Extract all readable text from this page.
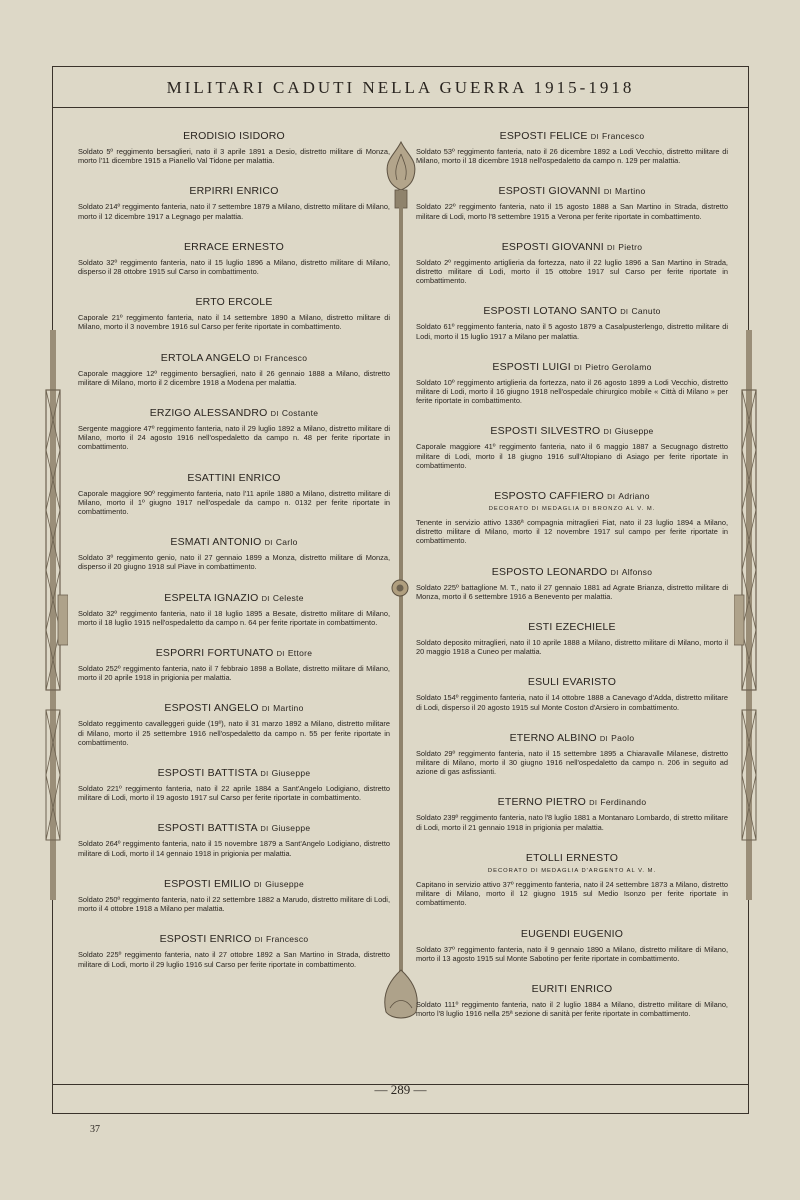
MILITARI CADUTI NELLA GUERRA 1915-1918
ERODISIO ISIDORO
Soldato 5º reggimento bersaglieri, nato il 3 aprile 1891 a Desio, distretto militare di Monza, morto l'11 dicembre 1915 a Pianello Val Tidone per malattia.
ERPIRRI ENRICO
Soldato 214º reggimento fanteria, nato il 7 settembre 1879 a Milano, distretto militare di Milano, morto il 12 dicembre 1917 a Legnago per malattia.
ERRACE ERNESTO
Soldato 32º reggimento fanteria, nato il 15 luglio 1896 a Milano, distretto militare di Milano, disperso il 28 ottobre 1915 sul Carso in combattimento.
ERTO ERCOLE
Caporale 21º reggimento fanteria, nato il 14 settembre 1890 a Milano, distretto militare di Milano, morto il 3 novembre 1916 sul Carso per ferite riportate in combattimento.
ERTOLA ANGELO DI Francesco
Caporale maggiore 12º reggimento bersaglieri, nato il 26 gennaio 1888 a Milano, distretto militare di Milano, morto il 2 dicembre 1918 a Modena per malattia.
ERZIGO ALESSANDRO DI Costante
Sergente maggiore 47º reggimento fanteria, nato il 29 luglio 1892 a Milano, distretto militare di Milano, morto il 24 agosto 1916 nell'ospedaletto da campo n. 48 per ferite riportate in combattimento.
ESATTINI ENRICO
Caporale maggiore 90º reggimento fanteria, nato l'11 aprile 1880 a Milano, distretto militare di Milano, morto il 1º giugno 1917 nell'ospedale da campo n. 0132 per ferite riportate in combattimento.
ESMATI ANTONIO DI Carlo
Soldato 3º reggimento genio, nato il 27 gennaio 1899 a Monza, distretto militare di Monza, disperso il 20 giugno 1918 sul Piave in combattimento.
ESPELTA IGNAZIO DI Celeste
Soldato 32º reggimento fanteria, nato il 18 luglio 1895 a Besate, distretto militare di Milano, morto il 18 luglio 1915 nell'ospedaletto da campo n. 64 per ferite riportate in combattimento.
ESPORRI FORTUNATO DI Ettore
Soldato 252º reggimento fanteria, nato il 7 febbraio 1898 a Bollate, distretto militare di Milano, morto il 20 aprile 1918 in prigionia per malattia.
ESPOSTI ANGELO DI Martino
Soldato reggimento cavalleggeri guide (19º), nato il 31 marzo 1892 a Milano, distretto militare di Milano, morto il 25 settembre 1916 nell'ospedaletto da campo n. 55 per ferite riportate in combattimento.
ESPOSTI BATTISTA DI Giuseppe
Soldato 221º reggimento fanteria, nato il 22 aprile 1884 a Sant'Angelo Lodigiano, distretto militare di Lodi, morto il 19 agosto 1917 sul Carso per ferite riportate in combattimento.
ESPOSTI BATTISTA DI Giuseppe
Soldato 264º reggimento fanteria, nato il 15 novembre 1879 a Sant'Angelo Lodigiano, distretto militare di Lodi, morto il 14 gennaio 1918 in prigionia per malattia.
ESPOSTI EMILIO DI Giuseppe
Soldato 250º reggimento fanteria, nato il 22 settembre 1882 a Marudo, distretto militare di Lodi, morto il 4 ottobre 1918 a Milano per malattia.
ESPOSTI ENRICO DI Francesco
Soldato 225º reggimento fanteria, nato il 27 ottobre 1892 a San Martino in Strada, distretto militare di Lodi, morto il 29 luglio 1916 sul Carso per ferite riportate in combattimento.
ESPOSTI FELICE DI Francesco
Soldato 53º reggimento fanteria, nato il 26 dicembre 1892 a Lodi Vecchio, distretto militare di Milano, morto il 18 dicembre 1918 nell'ospedaletto da campo n. 129 per malattia.
ESPOSTI GIOVANNI DI Martino
Soldato 22º reggimento fanteria, nato il 15 agosto 1888 a San Martino in Strada, distretto militare di Lodi, morto l'8 settembre 1915 a Verona per ferite riportate in combattimento.
ESPOSTI GIOVANNI DI Pietro
Soldato 2º reggimento artiglieria da fortezza, nato il 22 luglio 1896 a San Martino in Strada, distretto militare di Lodi, morto il 15 ottobre 1917 sul Carso per ferite riportate in combattimento.
ESPOSTI LOTANO SANTO DI Canuto
Soldato 61º reggimento fanteria, nato il 5 agosto 1879 a Casalpusterlengo, distretto militare di Lodi, morto il 15 luglio 1917 a Milano per malattia.
ESPOSTI LUIGI DI Pietro Gerolamo
Soldato 10º reggimento artiglieria da fortezza, nato il 26 agosto 1899 a Lodi Vecchio, distretto militare di Lodi, morto il 16 giugno 1918 nell'ospedale chirurgico mobile « Città di Milano » per ferite riportate in combattimento.
ESPOSTI SILVESTRO DI Giuseppe
Caporale maggiore 41º reggimento fanteria, nato il 6 maggio 1887 a Secugnago distretto militare di Lodi, morto il 18 giugno 1916 sull'Altopiano di Asiago per ferite riportate in combattimento.
ESPOSTO CAFFIERO DI Adriano
DECORATO DI MEDAGLIA DI BRONZO AL V. M.
Tenente in servizio attivo 1336ª compagnia mitraglieri Fiat, nato il 23 luglio 1894 a Milano, distretto militare di Milano, morto il 12 novembre 1917 sul campo per ferite riportate in combattimento.
ESPOSTO LEONARDO DI Alfonso
Soldato 225º battaglione M. T., nato il 27 gennaio 1881 ad Agrate Brianza, distretto militare di Monza, morto il 6 settembre 1916 a Benevento per malattia.
ESTI EZECHIELE
Soldato deposito mitraglieri, nato il 10 aprile 1888 a Milano, distretto militare di Milano, morto il 20 maggio 1918 a Cuneo per malattia.
ESULI EVARISTO
Soldato 154º reggimento fanteria, nato il 14 ottobre 1888 a Canevago d'Adda, distretto militare di Lodi, disperso il 20 agosto 1915 sul Monte Coston d'Arsiero in combattimento.
ETERNO ALBINO DI Paolo
Soldato 29º reggimento fanteria, nato il 15 settembre 1895 a Chiaravalle Milanese, distretto militare di Milano, morto il 30 giugno 1916 nell'ospedaletto da campo n. 206 in seguito ad azione di gas asfissianti.
ETERNO PIETRO DI Ferdinando
Soldato 239º reggimento fanteria, nato l'8 luglio 1881 a Montanaro Lombardo, di stretto militare di Lodi, morto il 21 gennaio 1918 in prigionia per malattia.
ETOLLI ERNESTO
DECORATO DI MEDAGLIA D'ARGENTO AL V. M.
Capitano in servizio attivo 37º reggimento fanteria, nato il 24 settembre 1873 a Milano, distretto militare di Milano, morto il 12 giugno 1915 sul Medio Isonzo per ferite riportate in combattimento.
EUGENDI EUGENIO
Soldato 37º reggimento fanteria, nato il 9 gennaio 1890 a Milano, distretto militare di Milano, morto il 13 agosto 1915 sul Monte Sabotino per ferite riportate in combattimento.
EURITI ENRICO
Soldato 111º reggimento fanteria, nato il 2 luglio 1884 a Milano, distretto militare di Milano, morto l'8 luglio 1916 nella 25ª sezione di sanità per ferite riportate in combattimento.
— 289 —
37
